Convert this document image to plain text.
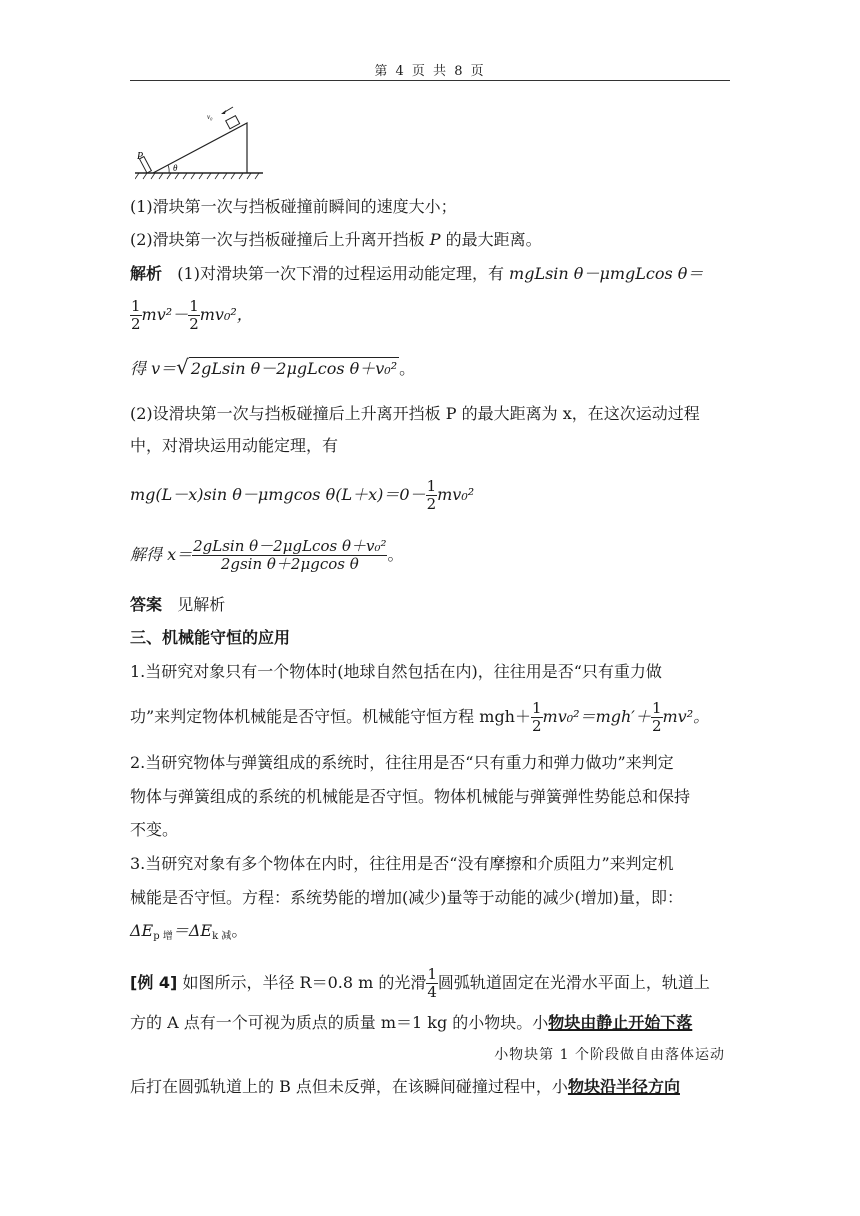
第 4 页 共 8 页
P
θ
v₀
(1)滑块第一次与挡板碰撞前瞬间的速度大小；
(2)滑块第一次与挡板碰撞后上升离开挡板 P 的最大距离。
解析 (1)对滑块第一次下滑的过程运用动能定理，有 mgLsin θ－μmgLcos θ＝
$\frac{1}{2} mv^2- \frac{1}{2} mv_0^2$，
得 v＝√ 2gLsin θ－2μgLcos θ＋v₀² 。
(2)设滑块第一次与挡板碰撞后上升离开挡板 P 的最大距离为 x，在这次运动过程
中，对滑块运用动能定理，有
mg(L－x)sin θ－μmgcos $\theta(L+x)=0- \frac{1}{2} mv_0^2$
解得 $x= \frac{\text{2gLsin θ－2μgLcos θ＋v₀²}}{\text{2gsin θ＋2μgcos θ}}$ 。
答案 见解析
三、机械能守恒的应用
1.当研究对象只有一个物体时(地球自然包括在内)，往往用是否“只有重力做
功”来判定物体机械能是否守恒。机械能守恒方程 $mgh+ \frac{1}{2} mv_0^2=mgh'+ \frac{1}{2} mv^2$。
2.当研究物体与弹簧组成的系统时，往往用是否“只有重力和弹力做功”来判定
物体与弹簧组成的系统的机械能是否守恒。物体机械能与弹簧弹性势能总和保持
不变。
3.当研究对象有多个物体在内时，往往用是否“没有摩擦和介质阻力”来判定机
械能是否守恒。方程：系统势能的增加(减少)量等于动能的减少(增加)量，即：
$\Delta E_{p 增}=\Delta E_{k 减}$。
[例 4] 如图所示，半径 R＝0.8 m 的光滑 $\frac{1}{4}$ 圆弧轨道固定在光滑水平面上，轨道上
方的 A 点有一个可视为质点的质量 m＝1 kg 的小物块。小物块由静止开始下落
小物块第 1 个阶段做自由落体运动
后打在圆弧轨道上的 B 点但未反弹，在该瞬间碰撞过程中，小物块沿半径方向
